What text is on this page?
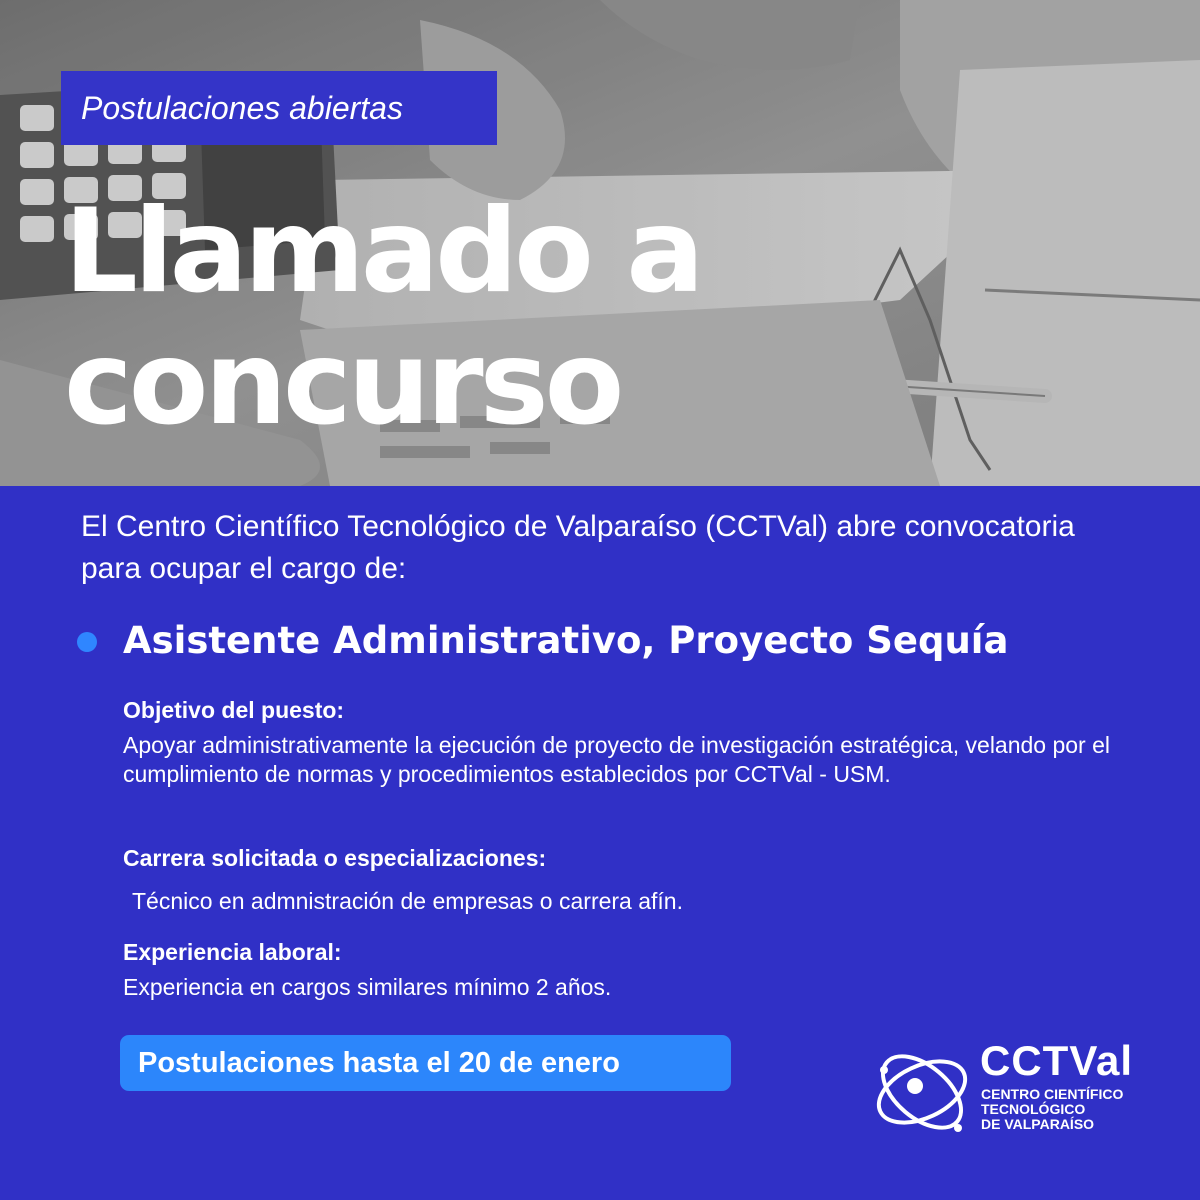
Postulaciones abiertas
Llamado a
concurso

El Centro Científico Tecnológico de Valparaíso (CCTVal) abre convocatoria para ocupar el cargo de:

Asistente Administrativo, Proyecto Sequía

Objetivo del puesto:

Apoyar administrativamente la ejecución de proyecto de investigación estratégica, velando por el cumplimiento de normas y procedimientos establecidos por CCTVal - USM.

Carrera solicitada o especializaciones:

Técnico en admnistración de empresas o carrera afín.

Experiencia laboral:

Experiencia en cargos similares mínimo 2 años.

Postulaciones hasta el 20 de enero	CCTVal
CENTRO CIENTÍFICO
TECNOLÓGICO
DE VALPARAÍSO
